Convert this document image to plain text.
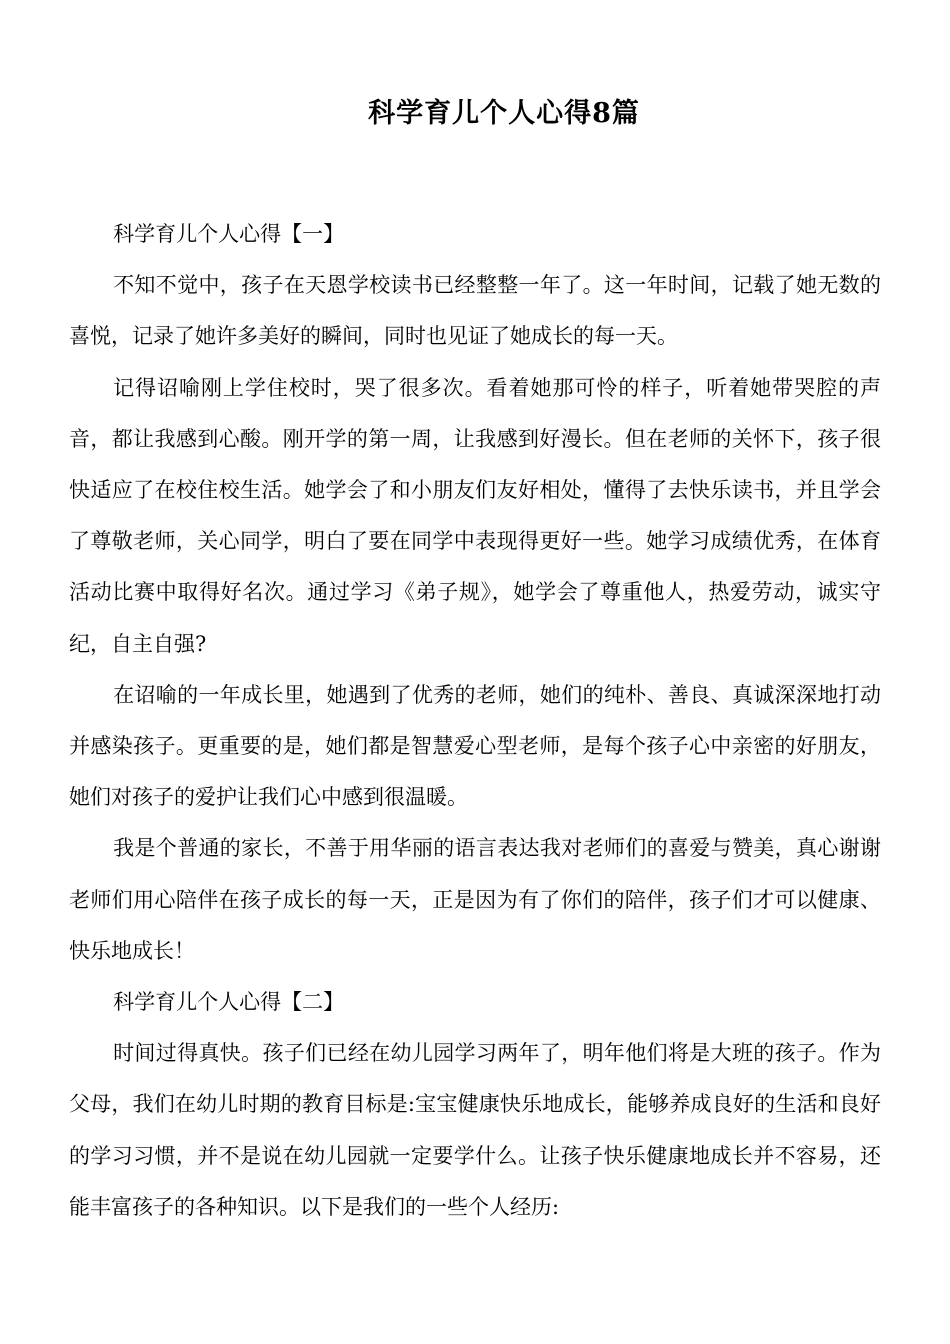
科学育儿个人心得8篇

科学育儿个人心得【一】

不知不觉中，孩子在天恩学校读书已经整整一年了。这一年时间，记载了她无数的喜悦，记录了她许多美好的瞬间，同时也见证了她成长的每一天。

记得诏喻刚上学住校时，哭了很多次。看着她那可怜的样子，听着她带哭腔的声音，都让我感到心酸。刚开学的第一周，让我感到好漫长。但在老师的关怀下，孩子很快适应了在校住校生活。她学会了和小朋友们友好相处，懂得了去快乐读书，并且学会了尊敬老师，关心同学，明白了要在同学中表现得更好一些。她学习成绩优秀，在体育活动比赛中取得好名次。通过学习《弟子规》，她学会了尊重他人，热爱劳动，诚实守纪，自主自强?

在诏喻的一年成长里，她遇到了优秀的老师，她们的纯朴、善良、真诚深深地打动并感染孩子。更重要的是，她们都是智慧爱心型老师，是每个孩子心中亲密的好朋友，她们对孩子的爱护让我们心中感到很温暖。

我是个普通的家长，不善于用华丽的语言表达我对老师们的喜爱与赞美，真心谢谢老师们用心陪伴在孩子成长的每一天，正是因为有了你们的陪伴，孩子们才可以健康、快乐地成长！

科学育儿个人心得【二】

时间过得真快。孩子们已经在幼儿园学习两年了，明年他们将是大班的孩子。作为父母，我们在幼儿时期的教育目标是:宝宝健康快乐地成长，能够养成良好的生活和良好的学习习惯，并不是说在幼儿园就一定要学什么。让孩子快乐健康地成长并不容易，还能丰富孩子的各种知识。以下是我们的一些个人经历:
